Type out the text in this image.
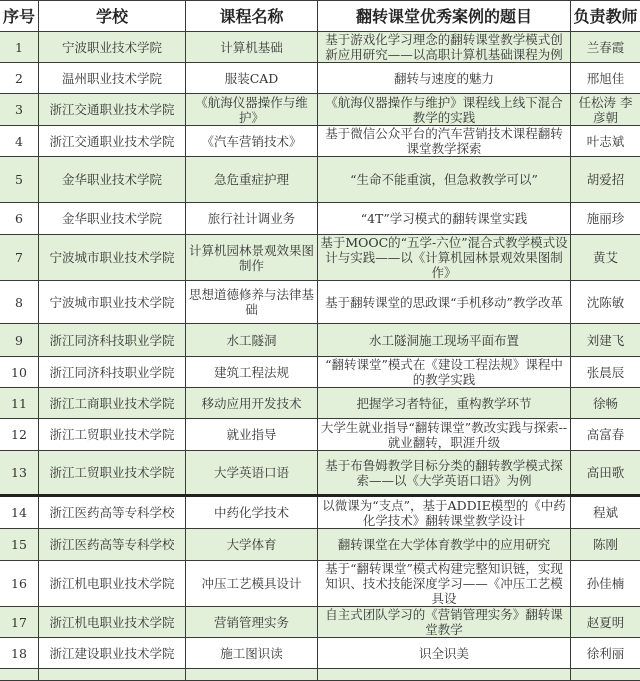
序号	学校	课程名称	翻转课堂优秀案例的题目	负责教师
1	宁波职业技术学院	计算机基础	基于游戏化学习理念的翻转课堂教学模式创新应用研究——以高职计算机基础课程为例	兰春霞
2	温州职业技术学院	服装CAD	翻转与速度的魅力	邢旭佳
3	浙江交通职业技术学院	《航海仪器操作与维护》	《航海仪器操作与维护》课程线上线下混合教学的实践	任松涛 李彦朝
4	浙江交通职业技术学院	《汽车营销技术》	基于微信公众平台的汽车营销技术课程翻转课堂教学探索	叶志斌
5	金华职业技术学院	急危重症护理	“生命不能重演，但急救教学可以”	胡爱招
6	金华职业技术学院	旅行社计调业务	“4T”学习模式的翻转课堂实践	施丽珍
7	宁波城市职业技术学院	计算机园林景观效果图制作	基于MOOC的“五学-六位”混合式教学模式设计与实践——以《计算机园林景观效果图制作》	黄艾
8	宁波城市职业技术学院	思想道德修养与法律基础	基于翻转课堂的思政课“手机移动”教学改革	沈陈敏
9	浙江同济科技职业学院	水工隧洞	水工隧洞施工现场平面布置	刘建飞
10	浙江同济科技职业学院	建筑工程法规	“翻转课堂”模式在《建设工程法规》课程中的教学实践	张晨辰
11	浙江工商职业技术学院	移动应用开发技术	把握学习者特征，重构教学环节	徐畅
12	浙江工贸职业技术学院	就业指导	大学生就业指导“翻转课堂”教改实践与探索--就业翻转，职涯升级	高富春
13	浙江工贸职业技术学院	大学英语口语	基于布鲁姆教学目标分类的翻转教学模式探索——以《大学英语口语》为例	高田歌
14	浙江医药高等专科学校	中药化学技术	以微课为“支点”，基于ADDIE模型的《中药化学技术》翻转课堂教学设计	程斌
15	浙江医药高等专科学校	大学体育	翻转课堂在大学体育教学中的应用研究	陈刚
16	浙江机电职业技术学院	冲压工艺模具设计	基于“翻转课堂”模式构建完整知识链，实现知识、技术技能深度学习——《冲压工艺模具设	孙佳楠
17	浙江机电职业技术学院	营销管理实务	自主式团队学习的《营销管理实务》翻转课堂教学	赵夏明
18	浙江建设职业技术学院	施工图识读	识全识美	徐利丽
